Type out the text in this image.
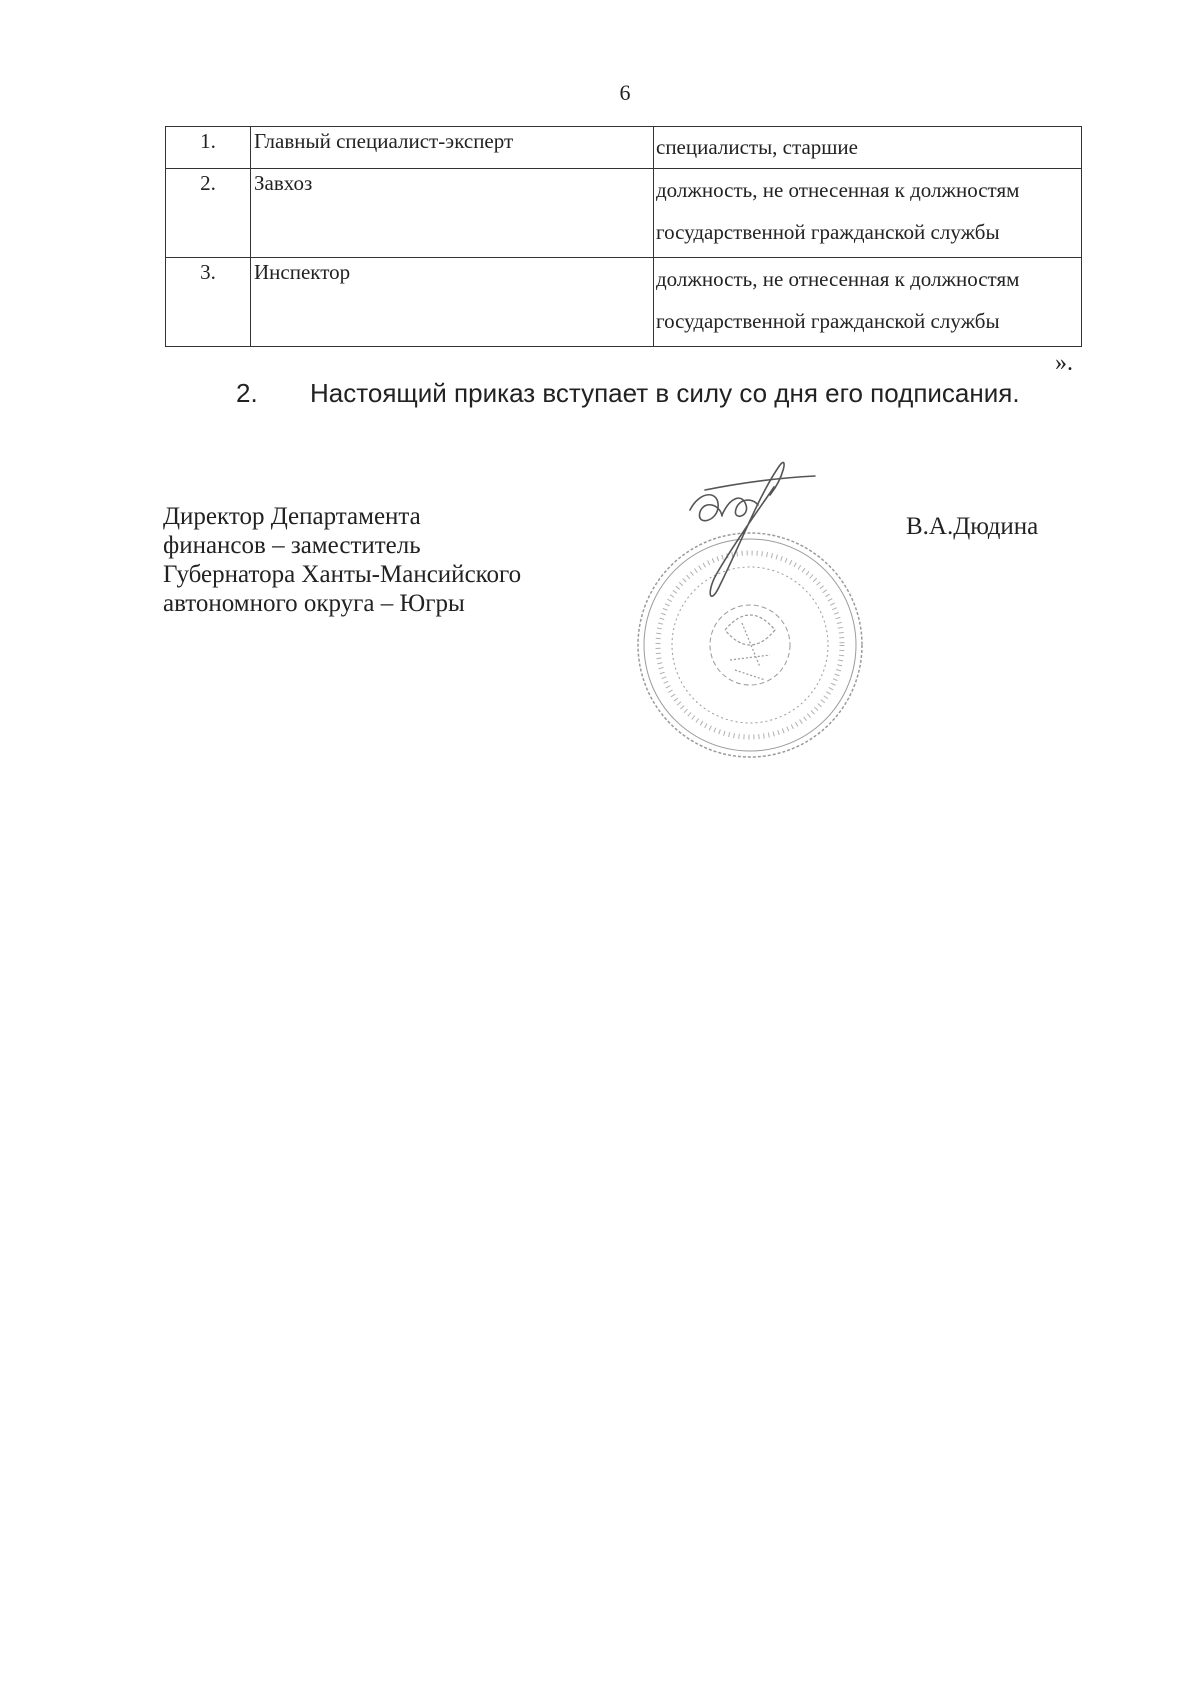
6
1.	Главный специалист-эксперт	специалисты, старшие

2.	Завхоз	должность, не отнесенная к должностям
государственной гражданской службы

3.	Инспектор	должность, не отнесенная к должностям
государственной гражданской службы
».
2. Настоящий приказ вступает в силу со дня его подписания.
Директор Департамента
финансов – заместитель
Губернатора Ханты-Мансийского
автономного округа – Югры
В.А.Дюдина
